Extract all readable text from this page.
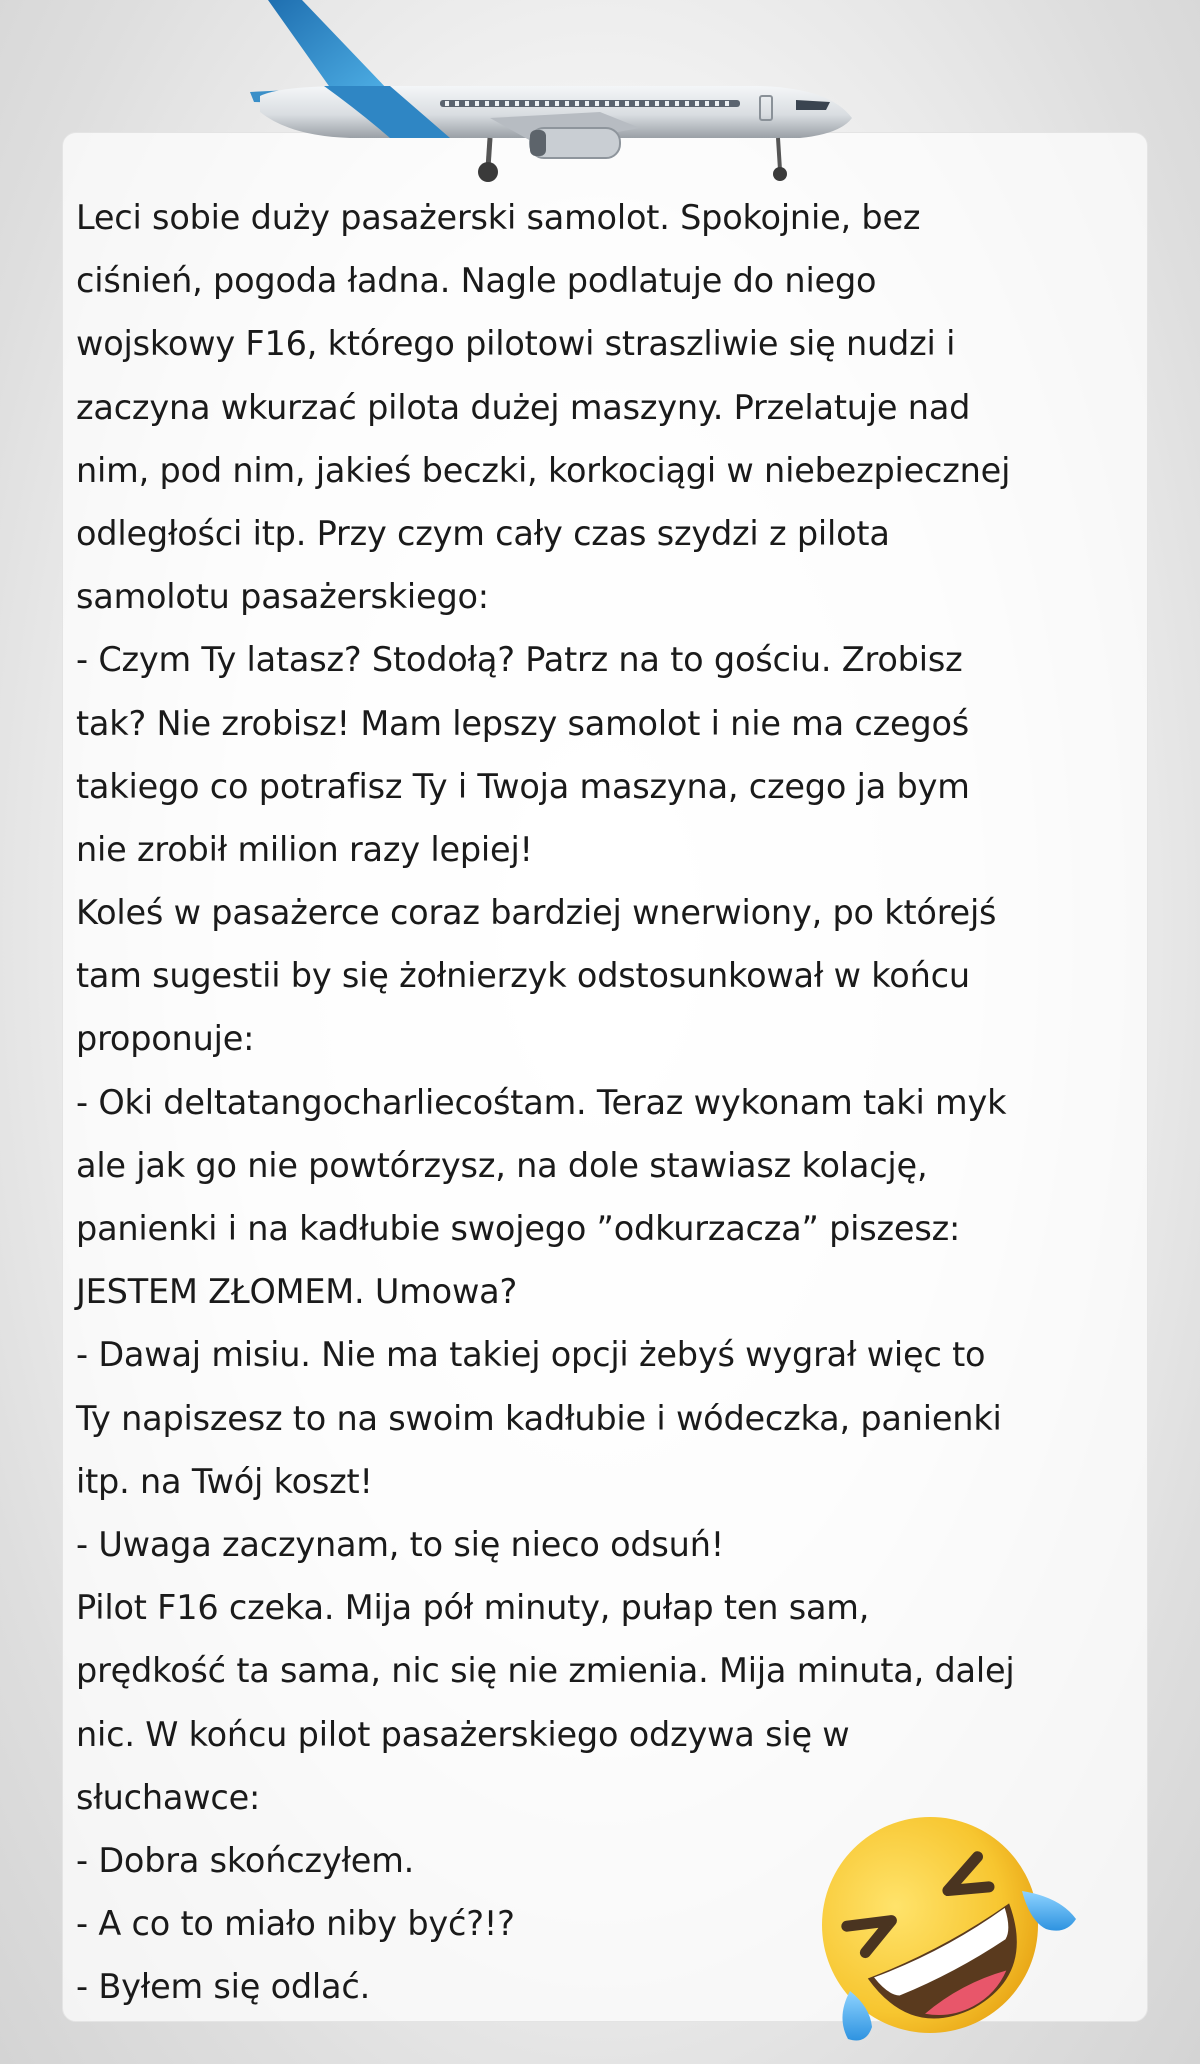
Leci sobie duży pasażerski samolot. Spokojnie, bez
ciśnień, pogoda ładna. Nagle podlatuje do niego
wojskowy F16, którego pilotowi straszliwie się nudzi i
zaczyna wkurzać pilota dużej maszyny. Przelatuje nad
nim, pod nim, jakieś beczki, korkociągi w niebezpiecznej
odległości itp. Przy czym cały czas szydzi z pilota
samolotu pasażerskiego:
- Czym Ty latasz? Stodołą? Patrz na to gościu. Zrobisz
tak? Nie zrobisz! Mam lepszy samolot i nie ma czegoś
takiego co potrafisz Ty i Twoja maszyna, czego ja bym
nie zrobił milion razy lepiej!
Koleś w pasażerce coraz bardziej wnerwiony, po którejś
tam sugestii by się żołnierzyk odstosunkował w końcu
proponuje:
- Oki deltatangocharliecośtam. Teraz wykonam taki myk
ale jak go nie powtórzysz, na dole stawiasz kolację,
panienki i na kadłubie swojego ”odkurzacza” piszesz:
JESTEM ZŁOMEM. Umowa?
- Dawaj misiu. Nie ma takiej opcji żebyś wygrał więc to
Ty napiszesz to na swoim kadłubie i wódeczka, panienki
itp. na Twój koszt!
- Uwaga zaczynam, to się nieco odsuń!
Pilot F16 czeka. Mija pół minuty, pułap ten sam,
prędkość ta sama, nic się nie zmienia. Mija minuta, dalej
nic. W końcu pilot pasażerskiego odzywa się w
słuchawce:
- Dobra skończyłem.
- A co to miało niby być?!?
- Byłem się odlać.
